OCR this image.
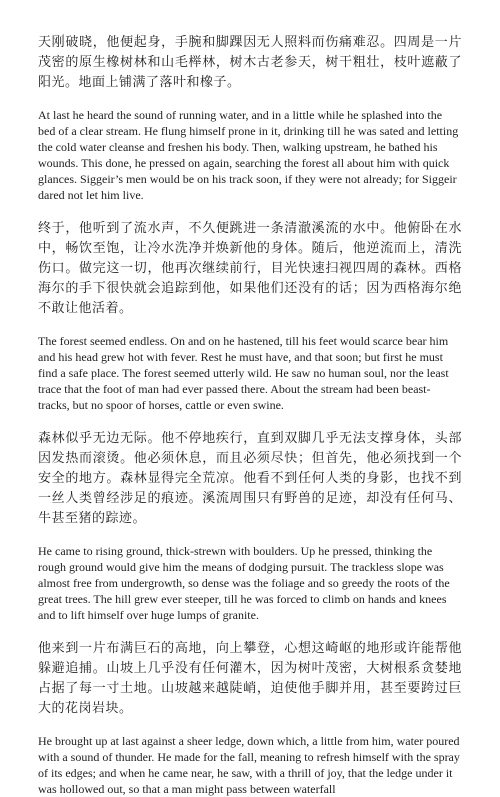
天刚破晓，他便起身，手腕和脚踝因无人照料而伤痛难忍。四周是一片茂密的原生橡树林和山毛榉林，树木古老参天，树干粗壮，枝叶遮蔽了阳光。地面上铺满了落叶和橡子。

At last he heard the sound of running water, and in a little while he splashed into the bed of a clear stream. He flung himself prone in it, drinking till he was sated and letting the cold water cleanse and freshen his body. Then, walking upstream, he bathed his wounds. This done, he pressed on again, searching the forest all about him with quick glances. Siggeir’s men would be on his track soon, if they were not already; for Siggeir dared not let him live.

终于，他听到了流水声，不久便跳进一条清澈溪流的水中。他俯卧在水中，畅饮至饱，让冷水洗净并焕新他的身体。随后，他逆流而上，清洗伤口。做完这一切，他再次继续前行，目光快速扫视四周的森林。西格海尔的手下很快就会追踪到他，如果他们还没有的话；因为西格海尔绝不敢让他活着。

The forest seemed endless. On and on he hastened, till his feet would scarce bear him and his head grew hot with fever. Rest he must have, and that soon; but first he must find a safe place. The forest seemed utterly wild. He saw no human soul, nor the least trace that the foot of man had ever passed there. About the stream had been beast-tracks, but no spoor of horses, cattle or even swine.

森林似乎无边无际。他不停地疾行，直到双脚几乎无法支撑身体，头部因发热而滚烫。他必须休息，而且必须尽快；但首先，他必须找到一个安全的地方。森林显得完全荒凉。他看不到任何人类的身影，也找不到一丝人类曾经涉足的痕迹。溪流周围只有野兽的足迹，却没有任何马、牛甚至猪的踪迹。

He came to rising ground, thick-strewn with boulders. Up he pressed, thinking the rough ground would give him the means of dodging pursuit. The trackless slope was almost free from undergrowth, so dense was the foliage and so greedy the roots of the great trees. The hill grew ever steeper, till he was forced to climb on hands and knees and to lift himself over huge lumps of granite.

他来到一片布满巨石的高地，向上攀登，心想这崎岖的地形或许能帮他躲避追捕。山坡上几乎没有任何灌木，因为树叶茂密，大树根系贪婪地占据了每一寸土地。山坡越来越陡峭，迫使他手脚并用，甚至要跨过巨大的花岗岩块。

He brought up at last against a sheer ledge, down which, a little from him, water poured with a sound of thunder. He made for the fall, meaning to refresh himself with the spray of its edges; and when he came near, he saw, with a thrill of joy, that the ledge under it was hollowed out, so that a man might pass between waterfall
